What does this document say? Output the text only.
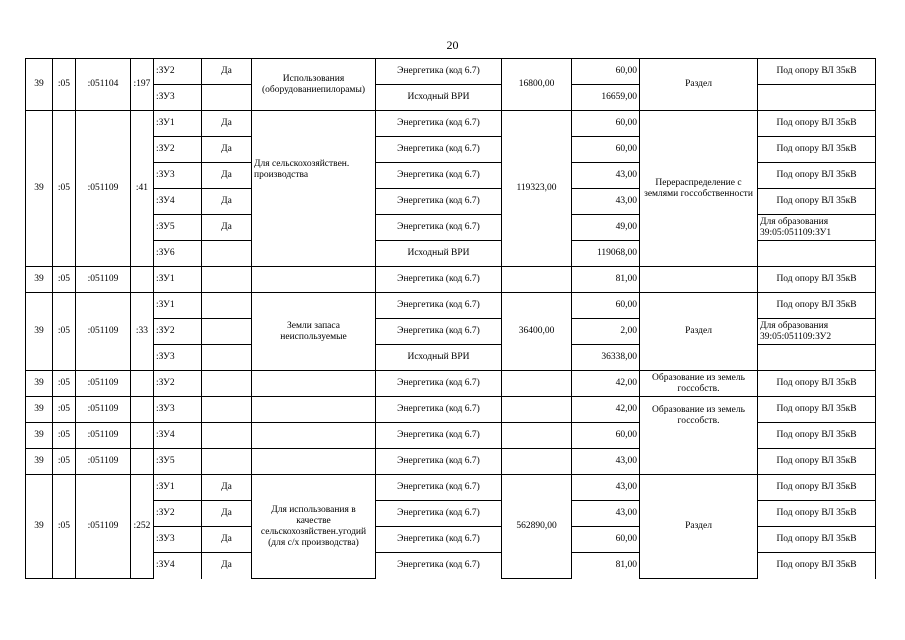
20
39	:05	:051104	:197	:ЗУ2	Да	Использования (оборудованиепилорамы)	Энергетика (код 6.7)	16800,00	60,00	Раздел	Под опору ВЛ 35кВ
				:ЗУ3			Исходный ВРИ		16659,00		
39	:05	:051109	:41	:ЗУ1	Да	Для сельскохозяйствен. производства	Энергетика (код 6.7)	119323,00	60,00	Перераспределение с землями госсобственности	Под опору ВЛ 35кВ
				:ЗУ2	Да		Энергетика (код 6.7)		60,00		Под опору ВЛ 35кВ
				:ЗУ3	Да		Энергетика (код 6.7)		43,00		Под опору ВЛ 35кВ
				:ЗУ4	Да		Энергетика (код 6.7)		43,00		Под опору ВЛ 35кВ
				:ЗУ5	Да		Энергетика (код 6.7)		49,00		Для образования 39:05:051109:ЗУ1
				:ЗУ6			Исходный ВРИ		119068,00		
39	:05	:051109		:ЗУ1			Энергетика (код 6.7)		81,00		Под опору ВЛ 35кВ
39	:05	:051109	:33	:ЗУ1		Земли запаса неиспользуемые	Энергетика (код 6.7)	36400,00	60,00	Раздел	Под опору ВЛ 35кВ
				:ЗУ2			Энергетика (код 6.7)		2,00		Для образования 39:05:051109:ЗУ2
				:ЗУ3			Исходный ВРИ		36338,00		
39	:05	:051109		:ЗУ2			Энергетика (код 6.7)		42,00	Образование из земель госсобств.	Под опору ВЛ 35кВ
39	:05	:051109		:ЗУ3			Энергетика (код 6.7)		42,00	Образование из земель госсобств.	Под опору ВЛ 35кВ
39	:05	:051109		:ЗУ4			Энергетика (код 6.7)		60,00		Под опору ВЛ 35кВ
39	:05	:051109		:ЗУ5			Энергетика (код 6.7)		43,00		Под опору ВЛ 35кВ
39	:05	:051109	:252	:ЗУ1	Да	Для использования в качестве сельскохозяйствен.угодий (для с/х производства)	Энергетика (код 6.7)	562890,00	43,00	Раздел	Под опору ВЛ 35кВ
				:ЗУ2	Да		Энергетика (код 6.7)		43,00		Под опору ВЛ 35кВ
				:ЗУ3	Да		Энергетика (код 6.7)		60,00		Под опору ВЛ 35кВ
				:ЗУ4	Да		Энергетика (код 6.7)		81,00		Под опору ВЛ 35кВ
